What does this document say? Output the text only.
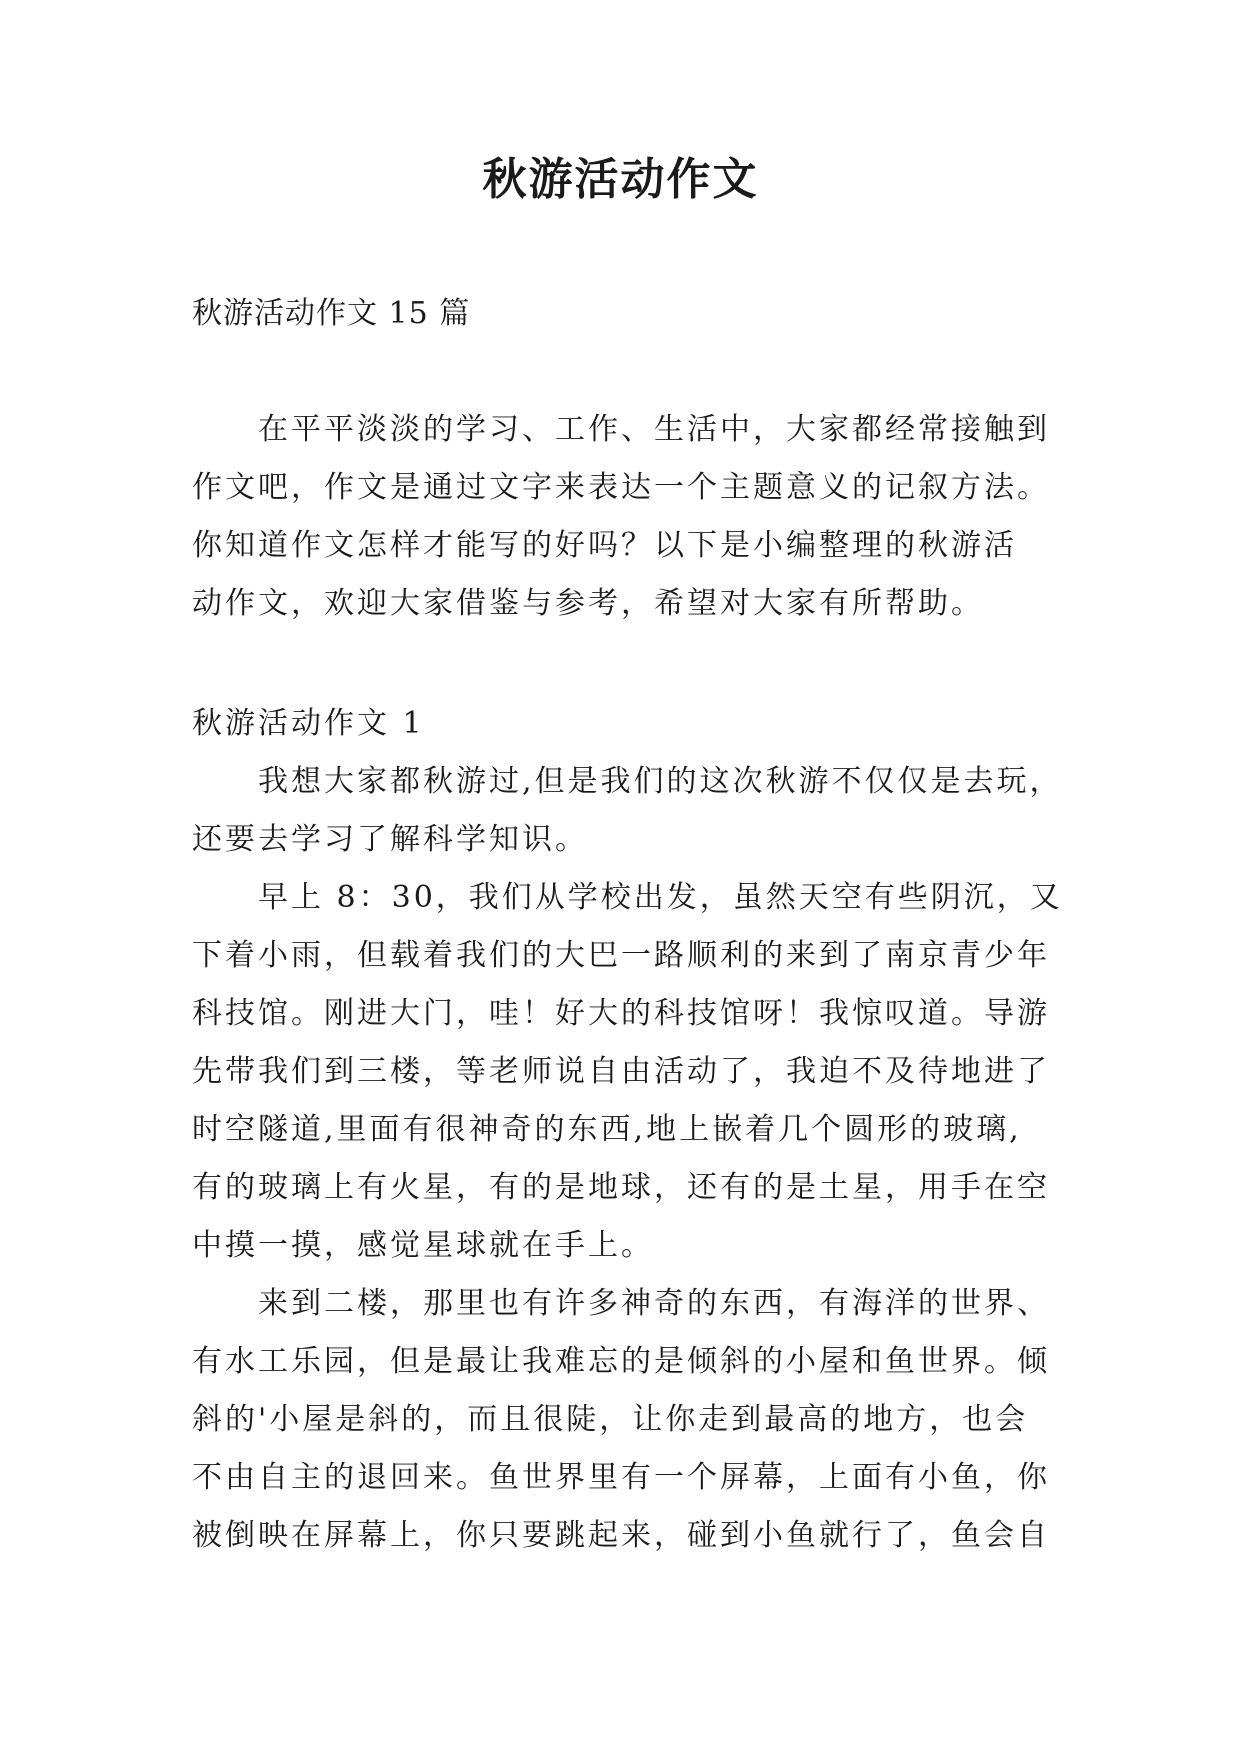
秋游活动作文

秋游活动作文 15 篇

在平平淡淡的学习、工作、生活中，大家都经常接触到
作文吧，作文是通过文字来表达一个主题意义的记叙方法。
你知道作文怎样才能写的好吗？以下是小编整理的秋游活
动作文，欢迎大家借鉴与参考，希望对大家有所帮助。
秋游活动作文 1
我想大家都秋游过,但是我们的这次秋游不仅仅是去玩，
还要去学习了解科学知识。
早上 8：30，我们从学校出发，虽然天空有些阴沉，又
下着小雨，但载着我们的大巴一路顺利的来到了南京青少年
科技馆。刚进大门，哇！好大的科技馆呀！我惊叹道。导游
先带我们到三楼，等老师说自由活动了，我迫不及待地进了
时空隧道,里面有很神奇的东西,地上嵌着几个圆形的玻璃,
有的玻璃上有火星，有的是地球，还有的是土星，用手在空
中摸一摸，感觉星球就在手上。
来到二楼，那里也有许多神奇的东西，有海洋的世界、
有水工乐园，但是最让我难忘的是倾斜的小屋和鱼世界。倾
斜的'小屋是斜的，而且很陡，让你走到最高的地方，也会
不由自主的退回来。鱼世界里有一个屏幕，上面有小鱼，你
被倒映在屏幕上，你只要跳起来，碰到小鱼就行了，鱼会自
